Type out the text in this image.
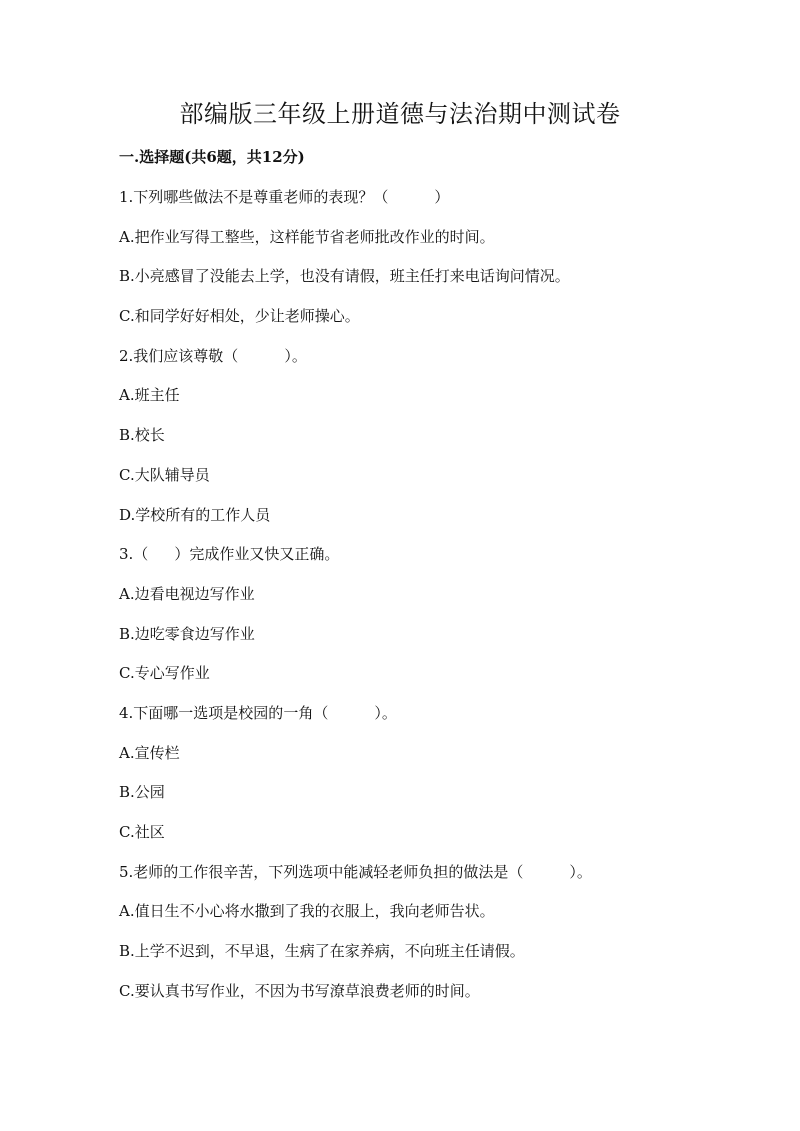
部编版三年级上册道德与法治期中测试卷
一.选择题(共6题，共12分)
1.下列哪些做法不是尊重老师的表现？（	）
A.把作业写得工整些，这样能节省老师批改作业的时间。
B.小亮感冒了没能去上学，也没有请假，班主任打来电话询问情况。
C.和同学好好相处，少让老师操心。
2.我们应该尊敬（	）。
A.班主任
B.校长
C.大队辅导员
D.学校所有的工作人员
3.（ ）完成作业又快又正确。
A.边看电视边写作业
B.边吃零食边写作业
C.专心写作业
4.下面哪一选项是校园的一角（	）。
A.宣传栏
B.公园
C.社区
5.老师的工作很辛苦，下列选项中能减轻老师负担的做法是（	）。
A.值日生不小心将水撒到了我的衣服上，我向老师告状。
B.上学不迟到，不早退，生病了在家养病，不向班主任请假。
C.要认真书写作业，不因为书写潦草浪费老师的时间。
